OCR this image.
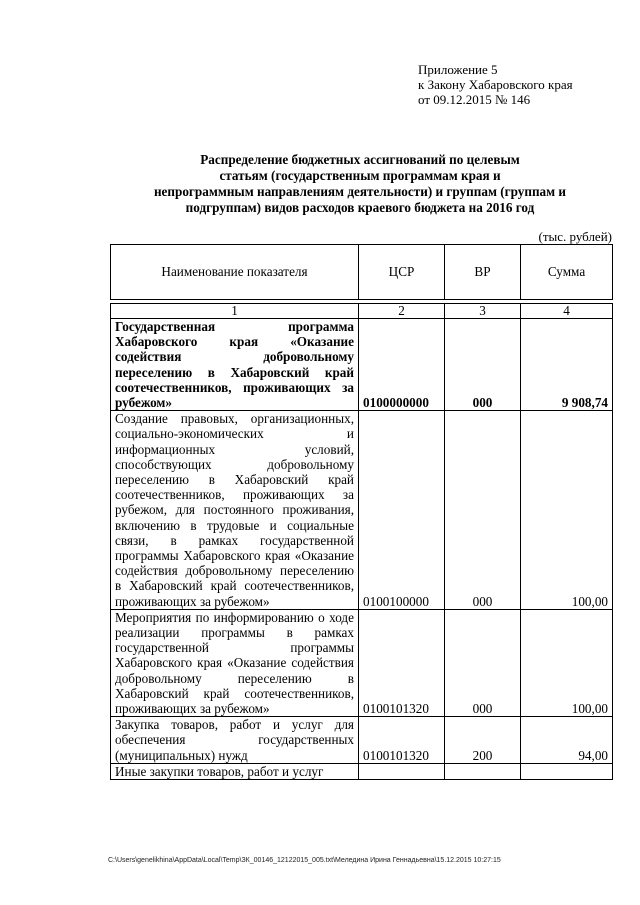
Приложение 5
к Закону Хабаровского края
от 09.12.2015 № 146
Распределение бюджетных ассигнований по целевым
статьям (государственным программам края и
непрограммным направлениям деятельности) и группам (группам и
подгруппам) видов расходов краевого бюджета на 2016 год
(тыс. рублей)
Наименование показателя	ЦСР	ВР	Сумма

1	2	3	4
Государственная программа Хабаровского края «Оказание содействия добровольному переселению в Хабаровский край соотечественников, проживающих за рубежом»	0100000000	000	9 908,74
Создание правовых, организационных, социально-экономических и информационных условий, способствующих добровольному переселению в Хабаровский край соотечественников, проживающих за рубежом, для постоянного проживания, включению в трудовые и социальные связи, в рамках государственной программы Хабаровского края «Оказание содействия добровольному переселению в Хабаровский край соотечественников, проживающих за рубежом»	0100100000	000	100,00
Мероприятия по информированию о ходе реализации программы в рамках государственной программы Хабаровского края «Оказание содействия добровольному переселению в Хабаровский край соотечественников, проживающих за рубежом»	0100101320	000	100,00
Закупка товаров, работ и услуг для обеспечения государственных (муниципальных) нужд	0100101320	200	94,00
Иные закупки товаров, работ и услуг			
C:\Users\genelikhina\AppData\Local\Temp\ЗК_00146_12122015_005.txt\Меледина Ирина Геннадьевна\15.12.2015 10:27:15
